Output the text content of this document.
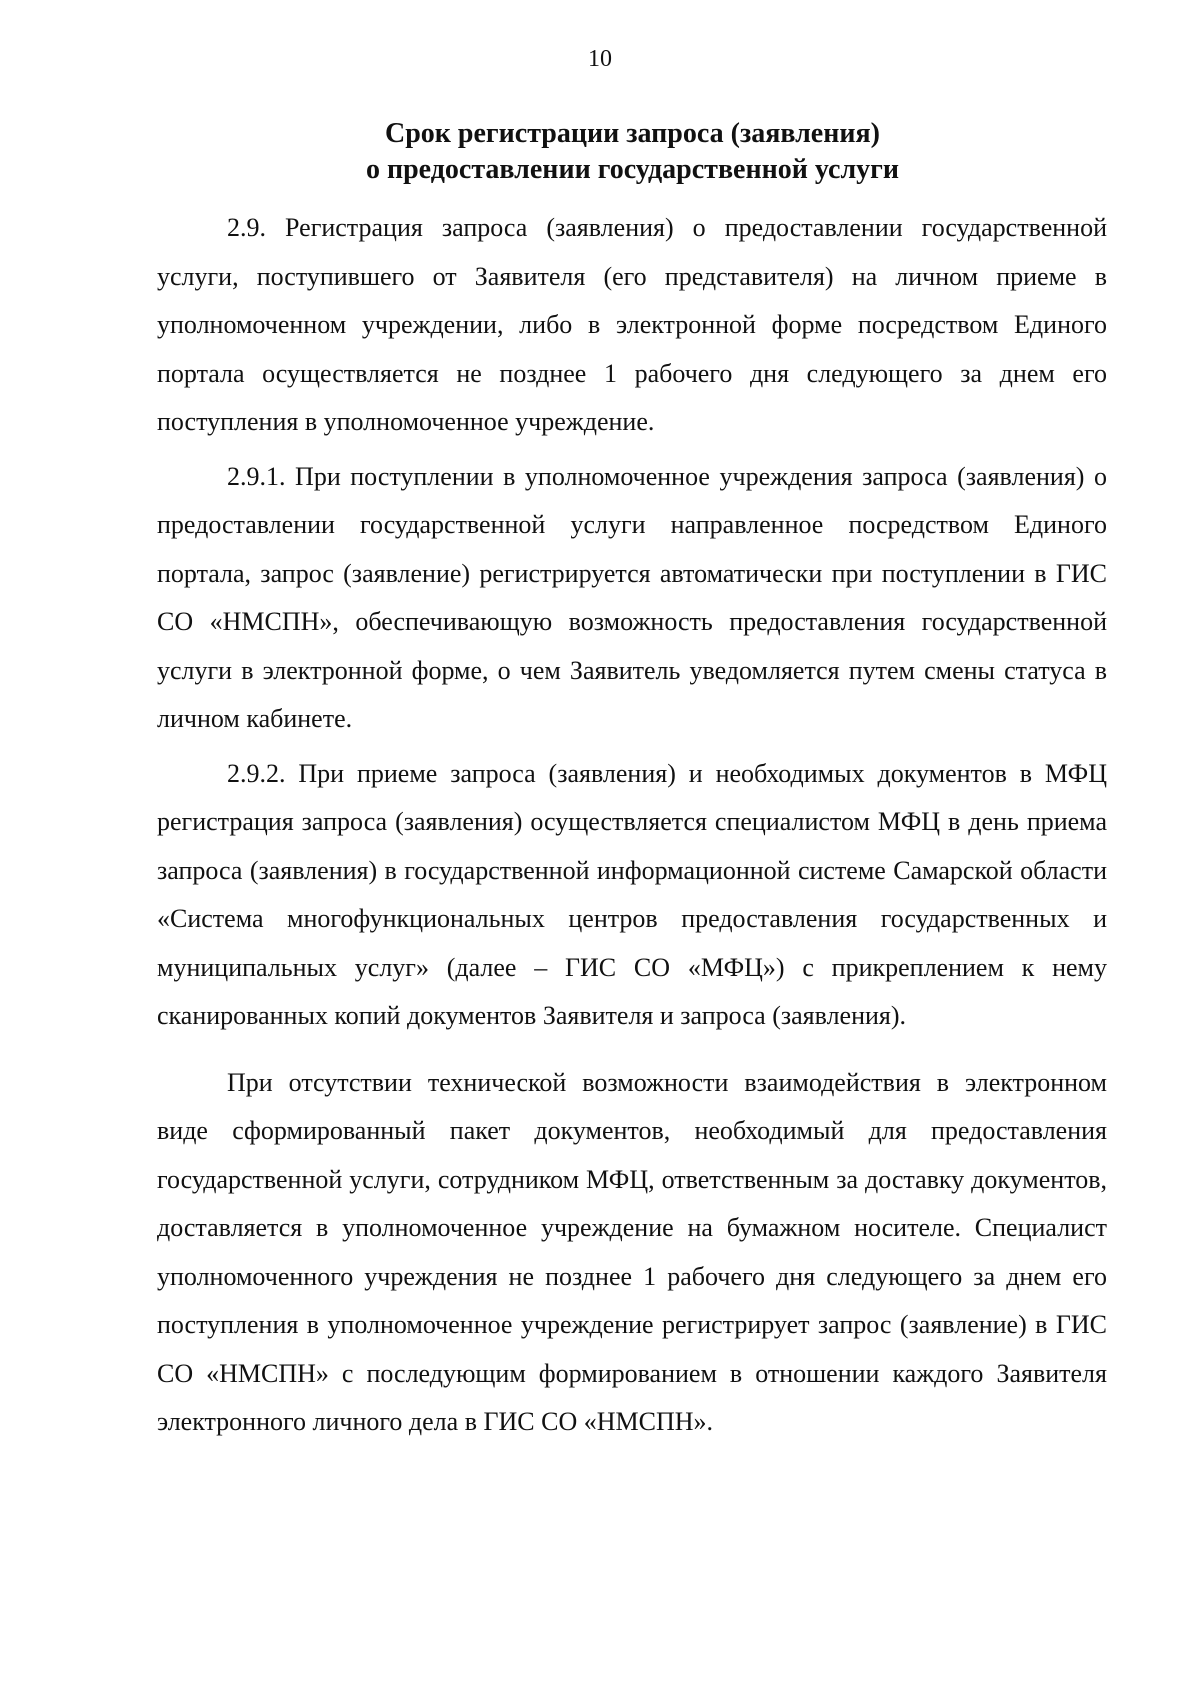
10
Срок регистрации запроса (заявления)
о предоставлении государственной услуги

2.9. Регистрация запроса (заявления) о предоставлении государственной услуги, поступившего от Заявителя (его представителя) на личном приеме в уполномоченном учреждении, либо в электронной форме посредством Единого портала осуществляется не позднее 1 рабочего дня следующего за днем его поступления в уполномоченное учреждение.

2.9.1. При поступлении в уполномоченное учреждения запроса (заявления) о предоставлении государственной услуги направленное посредством Единого портала, запрос (заявление) регистрируется автоматически при поступлении в ГИС СО «НМСПН», обеспечивающую возможность предоставления государственной услуги в электронной форме, о чем Заявитель уведомляется путем смены статуса в личном кабинете.

2.9.2. При приеме запроса (заявления) и необходимых документов в МФЦ регистрация запроса (заявления) осуществляется специалистом МФЦ в день приема запроса (заявления) в государственной информационной системе Самарской области «Система многофункциональных центров предоставления государственных и муниципальных услуг» (далее – ГИС СО «МФЦ») с прикреплением к нему сканированных копий документов Заявителя и запроса (заявления).

При отсутствии технической возможности взаимодействия в электронном виде сформированный пакет документов, необходимый для предоставления государственной услуги, сотрудником МФЦ, ответственным за доставку документов, доставляется в уполномоченное учреждение на бумажном носителе. Специалист уполномоченного учреждения не позднее 1 рабочего дня следующего за днем его поступления в уполномоченное учреждение регистрирует запрос (заявление) в ГИС СО «НМСПН» с последующим формированием в отношении каждого Заявителя электронного личного дела в ГИС СО «НМСПН».
